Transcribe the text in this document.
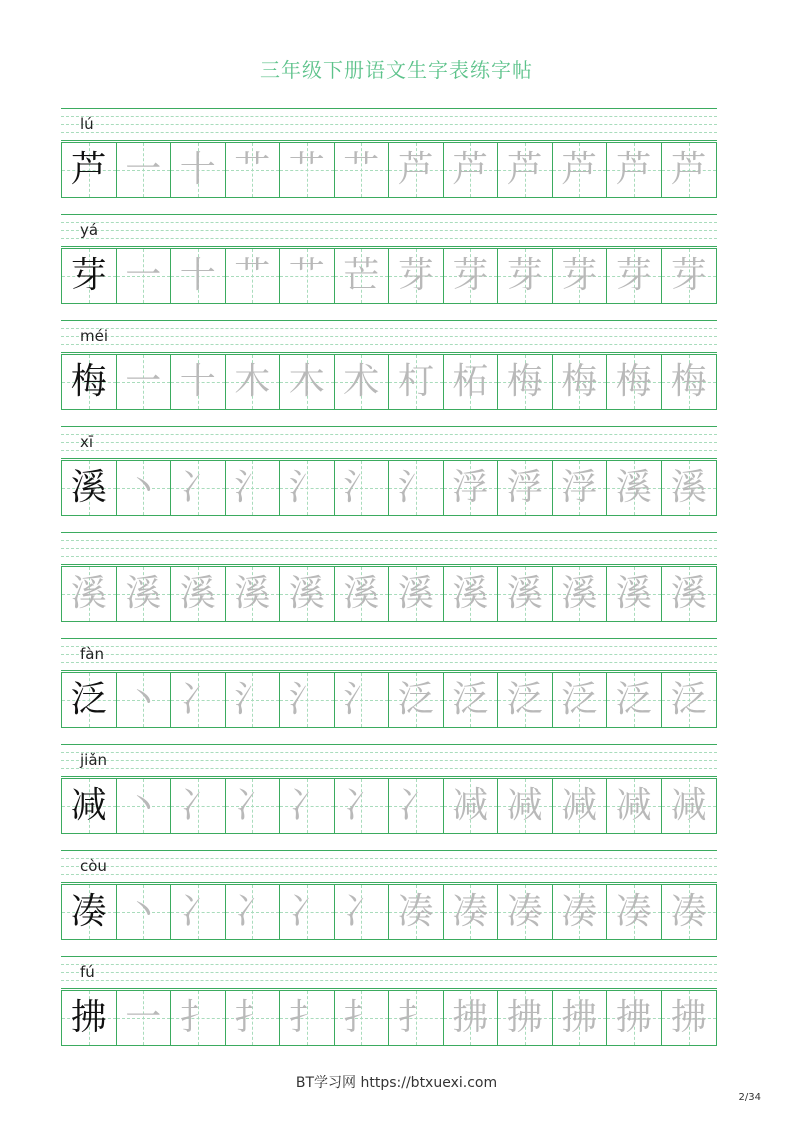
三年级下册语文生字表练字帖
lú
芦 一 十 艹 艹 艹 芦 芦 芦 芦 芦 芦
yá
芽 一 十 艹 艹 芒 芽 芽 芽 芽 芽 芽
méi
梅 一 十 木 木 术 朾 柘 梅 梅 梅 梅
xī
溪 丶 冫 氵 氵 氵 氵 浮 浮 浮 溪 溪
溪 溪 溪 溪 溪 溪 溪 溪 溪 溪 溪 溪
fàn
泛 丶 冫 氵 氵 氵 泛 泛 泛 泛 泛 泛
jiǎn
减 丶 冫 冫 冫 冫 冫 减 减 减 减 减
còu
凑 丶 冫 冫 冫 冫 凑 凑 凑 凑 凑 凑
fú
拂 一 扌 扌 扌 扌 扌 拂 拂 拂 拂 拂
BT学习网 https://btxuexi.com
2/34
